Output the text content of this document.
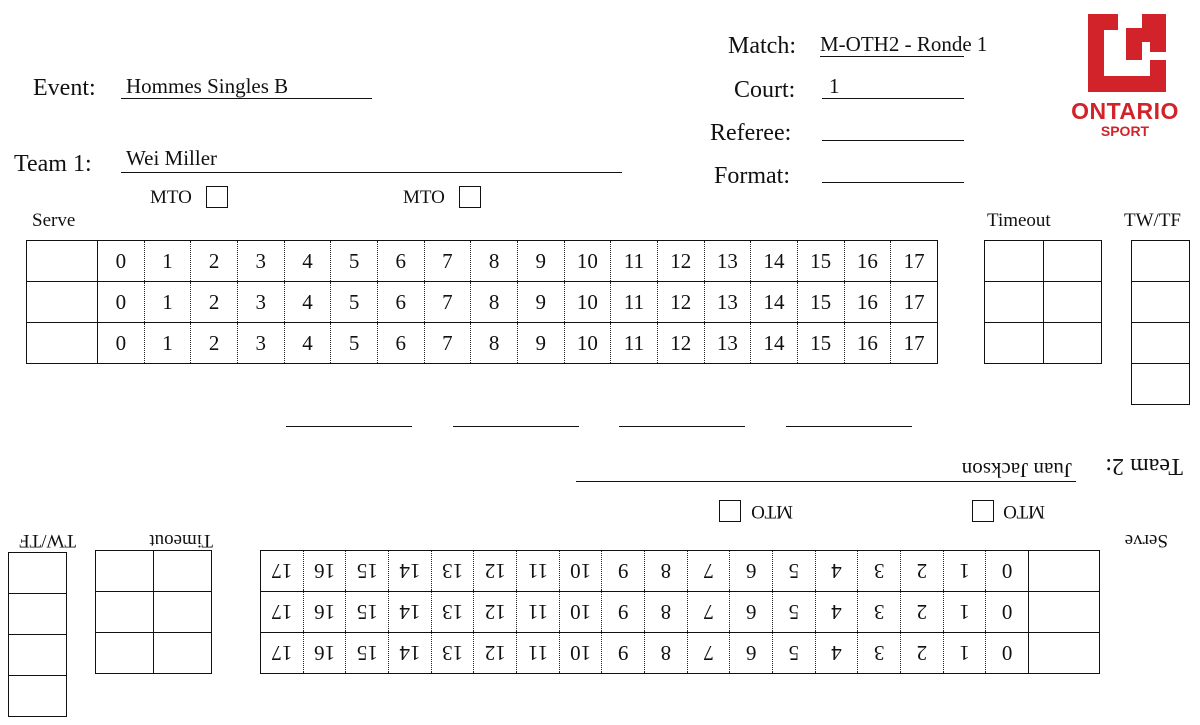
Match: M-OTH2 - Ronde 1
Event: Hommes Singles B	Court: 1
Referee:
Format:
ONTARIO
SPORT
Team 1: Wei Miller
MTO	MTO
Serve	Timeout	TW/TF
	0	1	2	3	4	5	6	7	8	9	10	11	12	13	14	15	16	17
	0	1	2	3	4	5	6	7	8	9	10	11	12	13	14	15	16	17
	0	1	2	3	4	5	6	7	8	9	10	11	12	13	14	15	16	17

Team 2:
Juan Jackson
MTO
MTO
Serve
Timeout
TW/TF
	0	1	2	3	4	5	6	7	8	9	10	11	12	13	14	15	16	17
	0	1	2	3	4	5	6	7	8	9	10	11	12	13	14	15	16	17
	0	1	2	3	4	5	6	7	8	9	10	11	12	13	14	15	16	17
